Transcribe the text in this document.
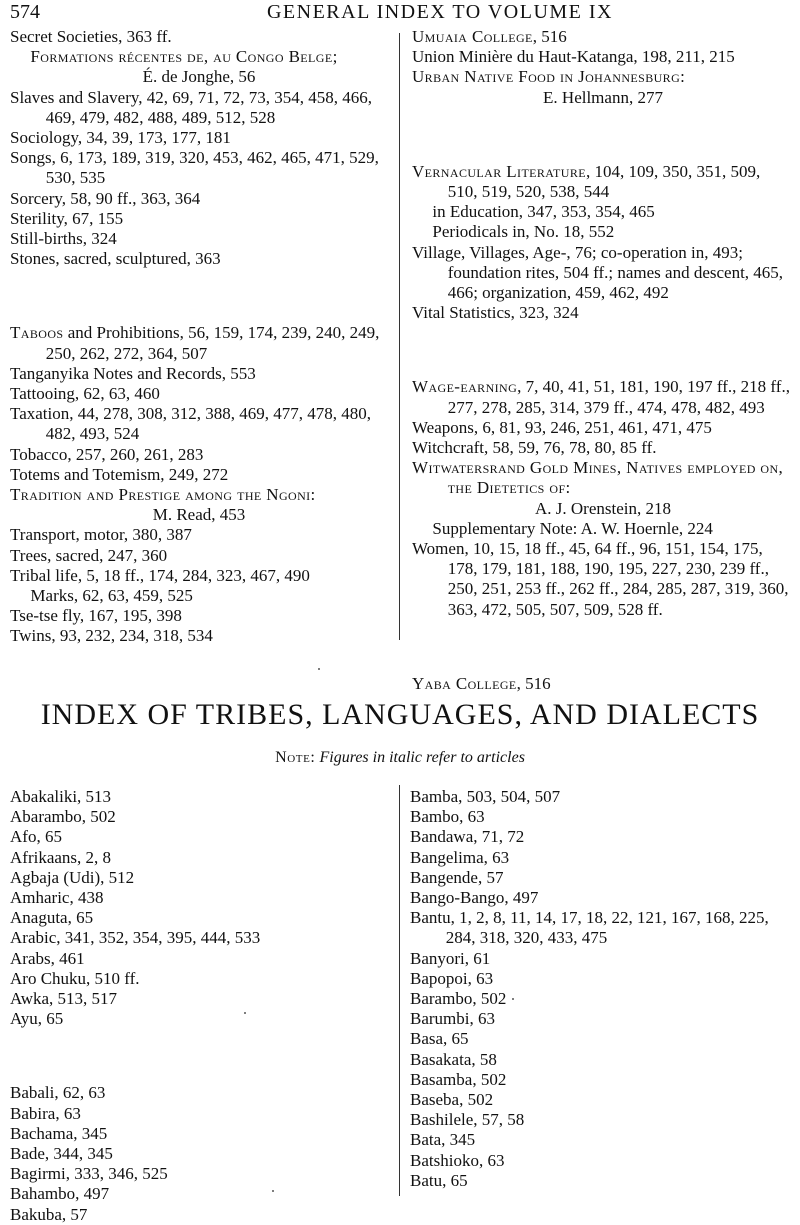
574	GENERAL INDEX TO VOLUME IX

Secret Societies, 363 ff.

Formations récentes de, au Congo Belge;

É. de Jonghe, 56

Slaves and Slavery, 42, 69, 71, 72, 73, 354, 458, 466, 469, 479, 482, 488, 489, 512, 528

Sociology, 34, 39, 173, 177, 181

Songs, 6, 173, 189, 319, 320, 453, 462, 465, 471, 529, 530, 535

Sorcery, 58, 90 ff., 363, 364

Sterility, 67, 155

Still-births, 324

Stones, sacred, sculptured, 363

Taboos and Prohibitions, 56, 159, 174, 239, 240, 249, 250, 262, 272, 364, 507

Tanganyika Notes and Records, 553

Tattooing, 62, 63, 460

Taxation, 44, 278, 308, 312, 388, 469, 477, 478, 480, 482, 493, 524

Tobacco, 257, 260, 261, 283

Totems and Totemism, 249, 272

Tradition and Prestige among the Ngoni:

M. Read, 453

Transport, motor, 380, 387

Trees, sacred, 247, 360

Tribal life, 5, 18 ff., 174, 284, 323, 467, 490

Marks, 62, 63, 459, 525

Tse-tse fly, 167, 195, 398

Twins, 93, 232, 234, 318, 534

Umuaia College, 516

Union Minière du Haut-Katanga, 198, 211, 215

Urban Native Food in Johannesburg:

E. Hellmann, 277

Vernacular Literature, 104, 109, 350, 351, 509, 510, 519, 520, 538, 544

in Education, 347, 353, 354, 465

Periodicals in, No. 18, 552

Village, Villages, Age-, 76; co-operation in, 493; foundation rites, 504 ff.; names and descent, 465, 466; organization, 459, 462, 492

Vital Statistics, 323, 324

Wage-earning, 7, 40, 41, 51, 181, 190, 197 ff., 218 ff., 277, 278, 285, 314, 379 ff., 474, 478, 482, 493

Weapons, 6, 81, 93, 246, 251, 461, 471, 475

Witchcraft, 58, 59, 76, 78, 80, 85 ff.

Witwatersrand Gold Mines, Natives employed on, the Dietetics of:

A. J. Orenstein, 218

Supplementary Note: A. W. Hoernle, 224

Women, 10, 15, 18 ff., 45, 64 ff., 96, 151, 154, 175, 178, 179, 181, 188, 190, 195, 227, 230, 239 ff., 250, 251, 253 ff., 262 ff., 284, 285, 287, 319, 360, 363, 472, 505, 507, 509, 528 ff.

Yaba College, 516

INDEX OF TRIBES, LANGUAGES, AND DIALECTS
Note: Figures in italic refer to articles

Abakaliki, 513

Abarambo, 502

Afo, 65

Afrikaans, 2, 8

Agbaja (Udi), 512

Amharic, 438

Anaguta, 65

Arabic, 341, 352, 354, 395, 444, 533

Arabs, 461

Aro Chuku, 510 ff.

Awka, 513, 517

Ayu, 65

Babali, 62, 63

Babira, 63

Bachama, 345

Bade, 344, 345

Bagirmi, 333, 346, 525

Bahambo, 497

Bakuba, 57

Bamba, 503, 504, 507

Bambo, 63

Bandawa, 71, 72

Bangelima, 63

Bangende, 57

Bango-Bango, 497

Bantu, 1, 2, 8, 11, 14, 17, 18, 22, 121, 167, 168, 225, 284, 318, 320, 433, 475

Banyori, 61

Bapopoi, 63

Barambo, 502

Barumbi, 63

Basa, 65

Basakata, 58

Basamba, 502

Baseba, 502

Bashilele, 57, 58

Bata, 345

Batshioko, 63

Batu, 65
